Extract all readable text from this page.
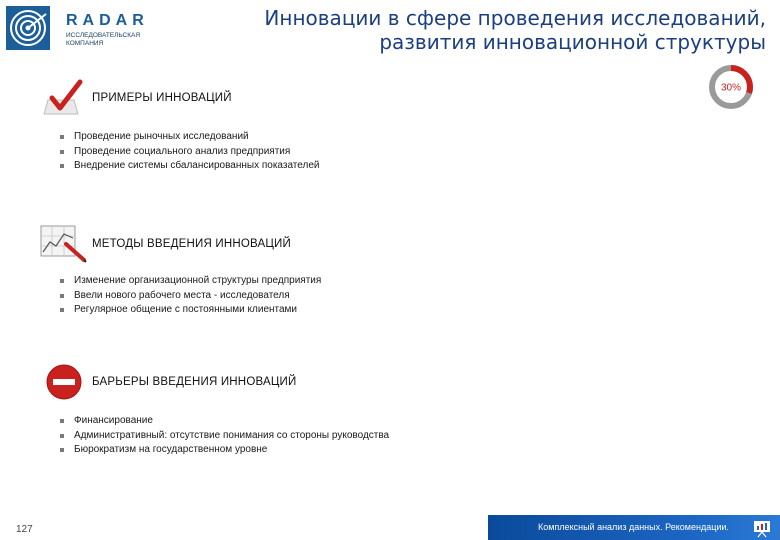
RADAR
ИССЛЕДОВАТЕЛЬСКАЯ КОМПАНИЯ
Инновации в сфере проведения исследований,
развития инновационной структуры
30%
ПРИМЕРЫ ИННОВАЦИЙ
Проведение рыночных исследований
Проведение социального анализ предприятия
Внедрение системы сбалансированных показателей
МЕТОДЫ ВВЕДЕНИЯ ИННОВАЦИЙ
Изменение организационной структуры предприятия
Ввели нового рабочего места - исследователя
Регулярное общение с постоянными клиентами
БАРЬЕРЫ ВВЕДЕНИЯ ИННОВАЦИЙ
Финансирование
Административный: отсутствие понимания со стороны руководства
Бюрократизм на государственном уровне
127	Комплексный анализ данных. Рекомендации.
